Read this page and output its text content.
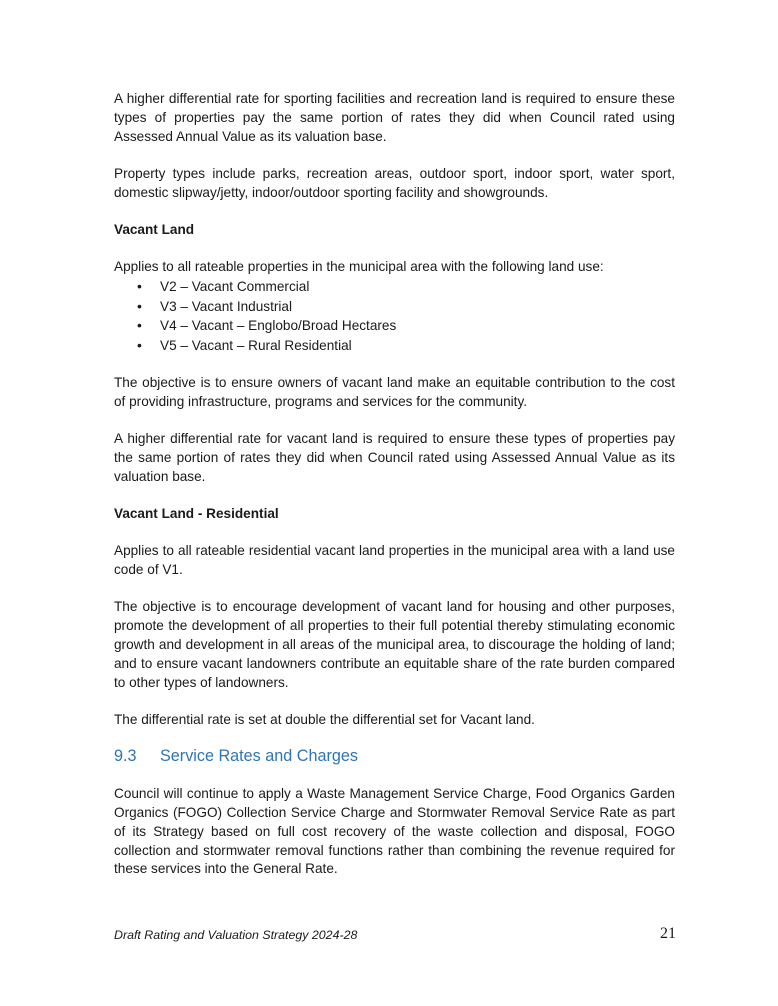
A higher differential rate for sporting facilities and recreation land is required to ensure these types of properties pay the same portion of rates they did when Council rated using Assessed Annual Value as its valuation base.

Property types include parks, recreation areas, outdoor sport, indoor sport, water sport, domestic slipway/jetty, indoor/outdoor sporting facility and showgrounds.

Vacant Land

Applies to all rateable properties in the municipal area with the following land use:

• V2 – Vacant Commercial
• V3 – Vacant Industrial
• V4 – Vacant – Englobo/Broad Hectares
• V5 – Vacant – Rural Residential

The objective is to ensure owners of vacant land make an equitable contribution to the cost of providing infrastructure, programs and services for the community.

A higher differential rate for vacant land is required to ensure these types of properties pay the same portion of rates they did when Council rated using Assessed Annual Value as its valuation base.

Vacant Land - Residential

Applies to all rateable residential vacant land properties in the municipal area with a land use code of V1.

The objective is to encourage development of vacant land for housing and other purposes, promote the development of all properties to their full potential thereby stimulating economic growth and development in all areas of the municipal area, to discourage the holding of land; and to ensure vacant landowners contribute an equitable share of the rate burden compared to other types of landowners.

The differential rate is set at double the differential set for Vacant land.

9.3	Service Rates and Charges

Council will continue to apply a Waste Management Service Charge, Food Organics Garden Organics (FOGO) Collection Service Charge and Stormwater Removal Service Rate as part of its Strategy based on full cost recovery of the waste collection and disposal, FOGO collection and stormwater removal functions rather than combining the revenue required for these services into the General Rate.

Draft Rating and Valuation Strategy 2024-28	21
